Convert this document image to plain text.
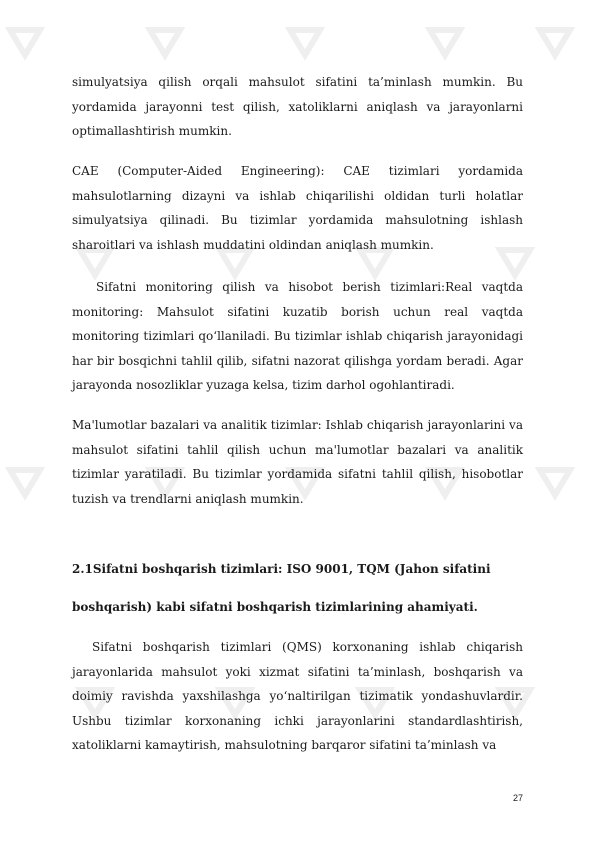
simulyatsiya qilish orqali mahsulot sifatini ta’minlash mumkin. Bu yordamida jarayonni test qilish, xatoliklarni aniqlash va jarayonlarni optimallashtirish mumkin.

CAE (Computer-Aided Engineering): CAE tizimlari yordamida mahsulotlarning dizayni va ishlab chiqarilishi oldidan turli holatlar simulyatsiya qilinadi. Bu tizimlar yordamida mahsulotning ishlash sharoitlari va ishlash muddatini oldindan aniqlash mumkin.

Sifatni monitoring qilish va hisobot berish tizimlari:Real vaqtda monitoring: Mahsulot sifatini kuzatib borish uchun real vaqtda monitoring tizimlari qo‘llaniladi. Bu tizimlar ishlab chiqarish jarayonidagi har bir bosqichni tahlil qilib, sifatni nazorat qilishga yordam beradi. Agar jarayonda nosozliklar yuzaga kelsa, tizim darhol ogohlantiradi.

Ma'lumotlar bazalari va analitik tizimlar: Ishlab chiqarish jarayonlarini va mahsulot sifatini tahlil qilish uchun ma'lumotlar bazalari va analitik tizimlar yaratiladi. Bu tizimlar yordamida sifatni tahlil qilish, hisobotlar tuzish va trendlarni aniqlash mumkin.

2.1Sifatni boshqarish tizimlari: ISO 9001, TQM (Jahon sifatini
boshqarish) kabi sifatni boshqarish tizimlarining ahamiyati.

Sifatni boshqarish tizimlari (QMS) korxonaning ishlab chiqarish jarayonlarida mahsulot yoki xizmat sifatini ta’minlash, boshqarish va doimiy ravishda yaxshilashga yo‘naltirilgan tizimatik yondashuvlardir. Ushbu tizimlar korxonaning ichki jarayonlarini standardlashtirish, xatoliklarni kamaytirish, mahsulotning barqaror sifatini ta’minlash va

27
